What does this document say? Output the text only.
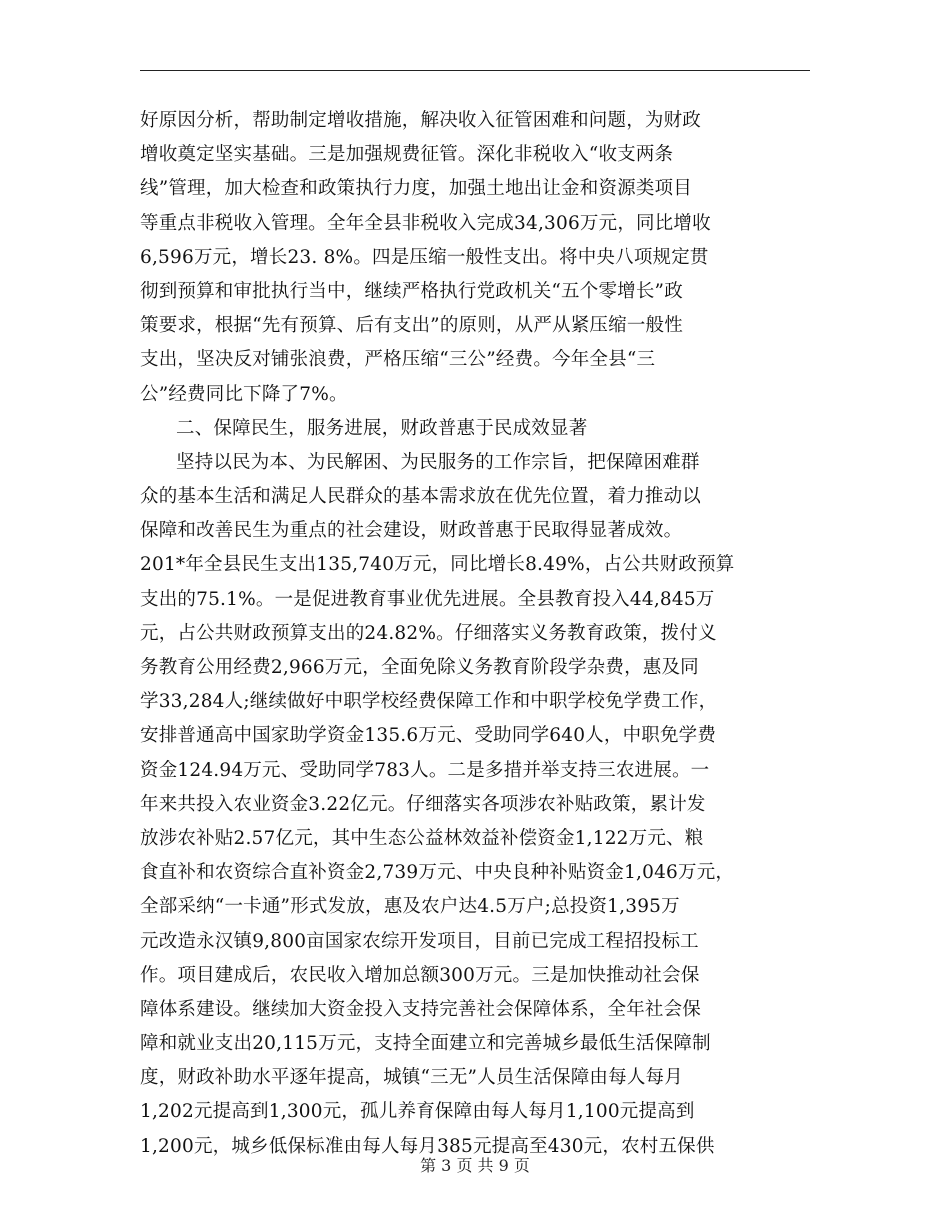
好原因分析，帮助制定增收措施，解决收入征管困难和问题，为财政
增收奠定坚实基础。三是加强规费征管。深化非税收入“收支两条
线”管理，加大检查和政策执行力度，加强土地出让金和资源类项目
等重点非税收入管理。全年全县非税收入完成34,306万元，同比增收
6,596万元，增长23. 8%。四是压缩一般性支出。将中央八项规定贯
彻到预算和审批执行当中，继续严格执行党政机关“五个零增长”政
策要求，根据“先有预算、后有支出”的原则，从严从紧压缩一般性
支出，坚决反对铺张浪费，严格压缩“三公”经费。今年全县“三
公”经费同比下降了7%。
二、保障民生，服务进展，财政普惠于民成效显著
坚持以民为本、为民解困、为民服务的工作宗旨，把保障困难群
众的基本生活和满足人民群众的基本需求放在优先位置，着力推动以
保障和改善民生为重点的社会建设，财政普惠于民取得显著成效。
201*年全县民生支出135,740万元，同比增长8.49%，占公共财政预算
支出的75.1%。一是促进教育事业优先进展。全县教育投入44,845万
元，占公共财政预算支出的24.82%。仔细落实义务教育政策，拨付义
务教育公用经费2,966万元，全面免除义务教育阶段学杂费，惠及同
学33,284人;继续做好中职学校经费保障工作和中职学校免学费工作，
安排普通高中国家助学资金135.6万元、受助同学640人，中职免学费
资金124.94万元、受助同学783人。二是多措并举支持三农进展。一
年来共投入农业资金3.22亿元。仔细落实各项涉农补贴政策，累计发
放涉农补贴2.57亿元，其中生态公益林效益补偿资金1,122万元、粮
食直补和农资综合直补资金2,739万元、中央良种补贴资金1,046万元，
全部采纳“一卡通”形式发放，惠及农户达4.5万户;总投资1,395万
元改造永汉镇9,800亩国家农综开发项目，目前已完成工程招投标工
作。项目建成后，农民收入增加总额300万元。三是加快推动社会保
障体系建设。继续加大资金投入支持完善社会保障体系，全年社会保
障和就业支出20,115万元，支持全面建立和完善城乡最低生活保障制
度，财政补助水平逐年提高，城镇“三无”人员生活保障由每人每月
1,202元提高到1,300元，孤儿养育保障由每人每月1,100元提高到
1,200元，城乡低保标准由每人每月385元提高至430元，农村五保供
第 3 页 共 9 页
